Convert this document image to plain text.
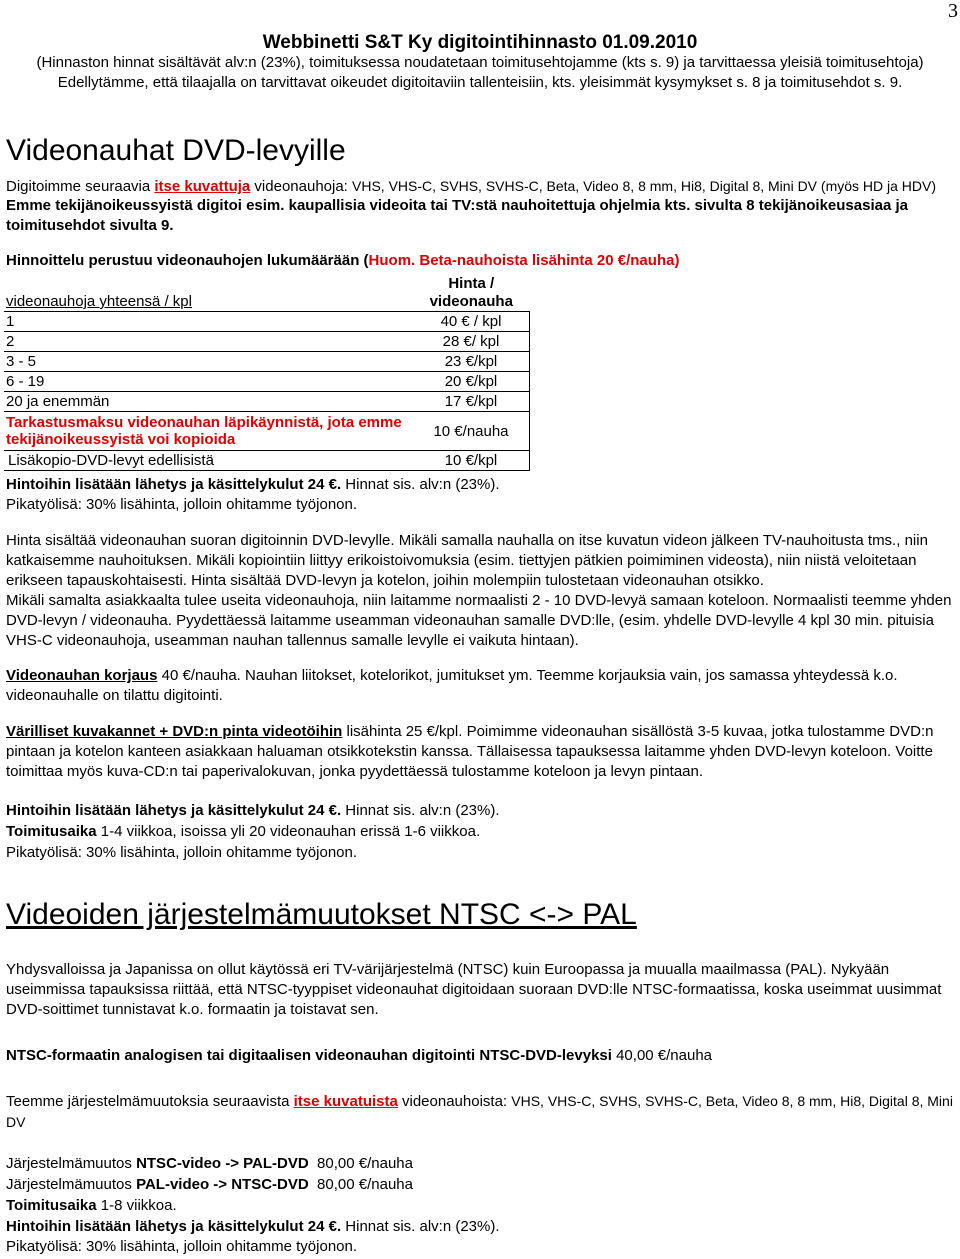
3
Webbinetti S&T Ky digitointihinnasto 01.09.2010
(Hinnaston hinnat sisältävät alv:n (23%), toimituksessa noudatetaan toimitusehtojamme (kts s. 9) ja tarvittaessa yleisiä toimitusehtoja)
Edellytämme, että tilaajalla on tarvittavat oikeudet digitoitaviin tallenteisiin, kts. yleisimmät kysymykset s. 8 ja toimitusehdot s. 9.
Videonauhat DVD-levyille
Digitoimme seuraavia itse kuvattuja videonauhoja: VHS, VHS-C, SVHS, SVHS-C, Beta, Video 8, 8 mm, Hi8, Digital 8, Mini DV (myös HD ja HDV)
Emme tekijänoikeussyistä digitoi esim. kaupallisia videoita tai TV:stä nauhoitettuja ohjelmia kts. sivulta 8 tekijänoikeusasiaa ja toimitusehdot sivulta 9.
Hinnoittelu perustuu videonauhojen lukumäärään (Huom. Beta-nauhoista lisähinta 20 €/nauha)
videonauhoja yhteensä / kpl	Hinta /
videonauha

1	40 € / kpl
2	28 €/ kpl
3 - 5	23 €/kpl
6 - 19	20 €/kpl
20 ja enemmän	17 €/kpl

Tarkastusmaksu videonauhan läpikäynnistä, jota emme
tekijänoikeussyistä voi kopioida	10 €/nauha
Lisäkopio-DVD-levyt edellisistä	10 €/kpl
Hintoihin lisätään lähetys ja käsittelykulut 24 €. Hinnat sis. alv:n (23%).
Pikatyölisä: 30% lisähinta, jolloin ohitamme työjonon.
Hinta sisältää videonauhan suoran digitoinnin DVD-levylle. Mikäli samalla nauhalla on itse kuvatun videon jälkeen TV-nauhoitusta tms., niin katkaisemme nauhoituksen. Mikäli kopiointiin liittyy erikoistoivomuksia (esim. tiettyjen pätkien poimiminen videosta), niin niistä veloitetaan erikseen tapauskohtaisesti. Hinta sisältää DVD-levyn ja kotelon, joihin molempiin tulostetaan videonauhan otsikko.
Mikäli samalta asiakkaalta tulee useita videonauhoja, niin laitamme normaalisti 2 - 10 DVD-levyä samaan koteloon. Normaalisti teemme yhden DVD-levyn / videonauha. Pyydettäessä laitamme useamman videonauhan samalle DVD:lle, (esim. yhdelle DVD-levylle 4 kpl 30 min. pituisia VHS-C videonauhoja, useamman nauhan tallennus samalle levylle ei vaikuta hintaan).
Videonauhan korjaus 40 €/nauha. Nauhan liitokset, kotelorikot, jumitukset ym. Teemme korjauksia vain, jos samassa yhteydessä k.o. videonauhalle on tilattu digitointi.
Värilliset kuvakannet + DVD:n pinta videotöihin lisähinta 25 €/kpl. Poimimme videonauhan sisällöstä 3-5 kuvaa, jotka tulostamme DVD:n pintaan ja kotelon kanteen asiakkaan haluaman otsikkotekstin kanssa. Tällaisessa tapauksessa laitamme yhden DVD-levyn koteloon. Voitte toimittaa myös kuva-CD:n tai paperivalokuvan, jonka pyydettäessä tulostamme koteloon ja levyn pintaan.
Hintoihin lisätään lähetys ja käsittelykulut 24 €. Hinnat sis. alv:n (23%).
Toimitusaika 1-4 viikkoa, isoissa yli 20 videonauhan erissä 1-6 viikkoa.
Pikatyölisä: 30% lisähinta, jolloin ohitamme työjonon.
Videoiden järjestelmämuutokset NTSC <-> PAL
Yhdysvalloissa ja Japanissa on ollut käytössä eri TV-värijärjestelmä (NTSC) kuin Euroopassa ja muualla maailmassa (PAL). Nykyään useimmissa tapauksissa riittää, että NTSC-tyyppiset videonauhat digitoidaan suoraan DVD:lle NTSC-formaatissa, koska useimmat uusimmat DVD-soittimet tunnistavat k.o. formaatin ja toistavat sen.
NTSC-formaatin analogisen tai digitaalisen videonauhan digitointi NTSC-DVD-levyksi 40,00 €/nauha
Teemme järjestelmämuutoksia seuraavista itse kuvatuista videonauhoista: VHS, VHS-C, SVHS, SVHS-C, Beta, Video 8, 8 mm, Hi8, Digital 8, Mini DV
Järjestelmämuutos NTSC-video -> PAL-DVD  80,00 €/nauha
Järjestelmämuutos PAL-video -> NTSC-DVD  80,00 €/nauha
Toimitusaika 1-8 viikkoa.
Hintoihin lisätään lähetys ja käsittelykulut 24 €. Hinnat sis. alv:n (23%).
Pikatyölisä: 30% lisähinta, jolloin ohitamme työjonon.
